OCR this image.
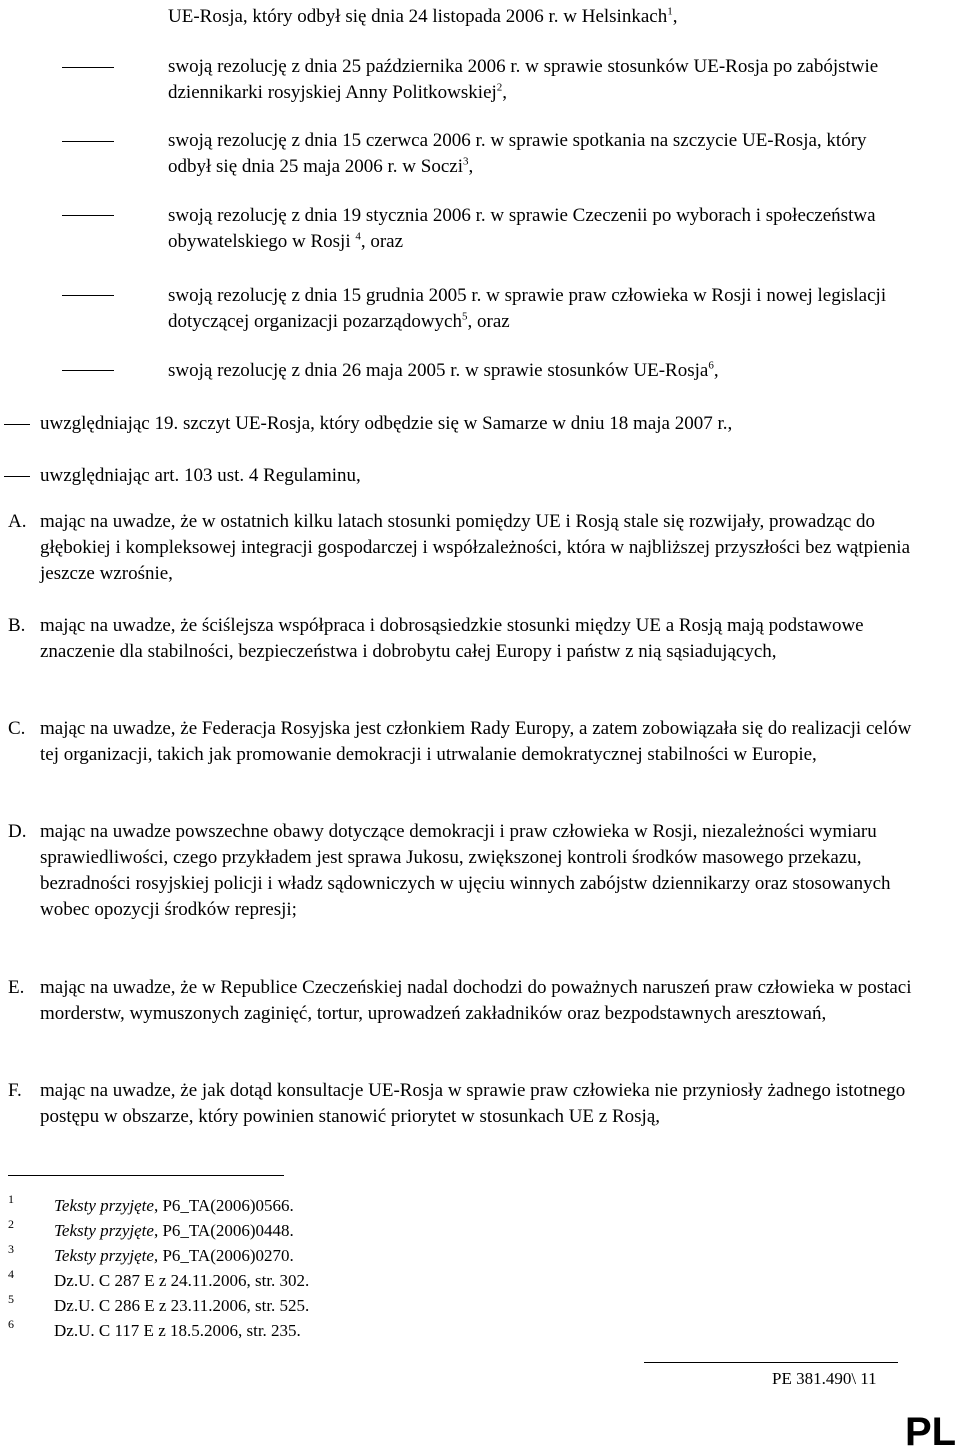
UE-Rosja, który odbył się dnia 24 listopada 2006 r. w Helsinkach$^1$,
swoją rezolucję z dnia 25 października 2006 r. w sprawie stosunków UE-Rosja po zabójstwie dziennikarki rosyjskiej Anny Politkowskiej$^2$,
swoją rezolucję z dnia 15 czerwca 2006 r. w sprawie spotkania na szczycie UE-Rosja, który odbył się dnia 25 maja 2006 r. w Soczi$^3$,
swoją rezolucję z dnia 19 stycznia 2006 r. w sprawie Czeczenii po wyborach i społeczeństwa obywatelskiego w Rosji $^4$, oraz
swoją rezolucję z dnia 15 grudnia 2005 r. w sprawie praw człowieka w Rosji i nowej legislacji dotyczącej organizacji pozarządowych$^5$, oraz
swoją rezolucję z dnia 26 maja 2005 r. w sprawie stosunków UE-Rosja$^6$,
uwzględniając 19. szczyt UE-Rosja, który odbędzie się w Samarze w dniu 18 maja 2007 r.,
uwzględniając art. 103 ust. 4 Regulaminu,
A. mając na uwadze, że w ostatnich kilku latach stosunki pomiędzy UE i Rosją stale się rozwijały, prowadząc do głębokiej i kompleksowej integracji gospodarczej i współzależności, która w najbliższej przyszłości bez wątpienia jeszcze wzrośnie,
B. mając na uwadze, że ściślejsza współpraca i dobrosąsiedzkie stosunki między UE a Rosją mają podstawowe znaczenie dla stabilności, bezpieczeństwa i dobrobytu całej Europy i państw z nią sąsiadujących,
C. mając na uwadze, że Federacja Rosyjska jest członkiem Rady Europy, a zatem zobowiązała się do realizacji celów tej organizacji, takich jak promowanie demokracji i utrwalanie demokratycznej stabilności w Europie,
D. mając na uwadze powszechne obawy dotyczące demokracji i praw człowieka w Rosji, niezależności wymiaru sprawiedliwości, czego przykładem jest sprawa Jukosu, zwiększonej kontroli środków masowego przekazu, bezradności rosyjskiej policji i władz sądowniczych w ujęciu winnych zabójstw dziennikarzy oraz stosowanych wobec opozycji środków represji;
E. mając na uwadze, że w Republice Czeczeńskiej nadal dochodzi do poważnych naruszeń praw człowieka w postaci morderstw, wymuszonych zaginięć, tortur, uprowadzeń zakładników oraz bezpodstawnych aresztowań,
F. mając na uwadze, że jak dotąd konsultacje UE-Rosja w sprawie praw człowieka nie przyniosły żadnego istotnego postępu w obszarze, który powinien stanowić priorytet w stosunkach UE z Rosją,
1 Teksty przyjęte, P6_TA(2006)0566.
2 Teksty przyjęte, P6_TA(2006)0448.
3 Teksty przyjęte, P6_TA(2006)0270.
4 Dz.U. C 287 E z 24.11.2006, str. 302.
5 Dz.U. C 286 E z 23.11.2006, str. 525.
6 Dz.U. C 117 E z 18.5.2006, str. 235.
PE 381.490\ 11
PL
